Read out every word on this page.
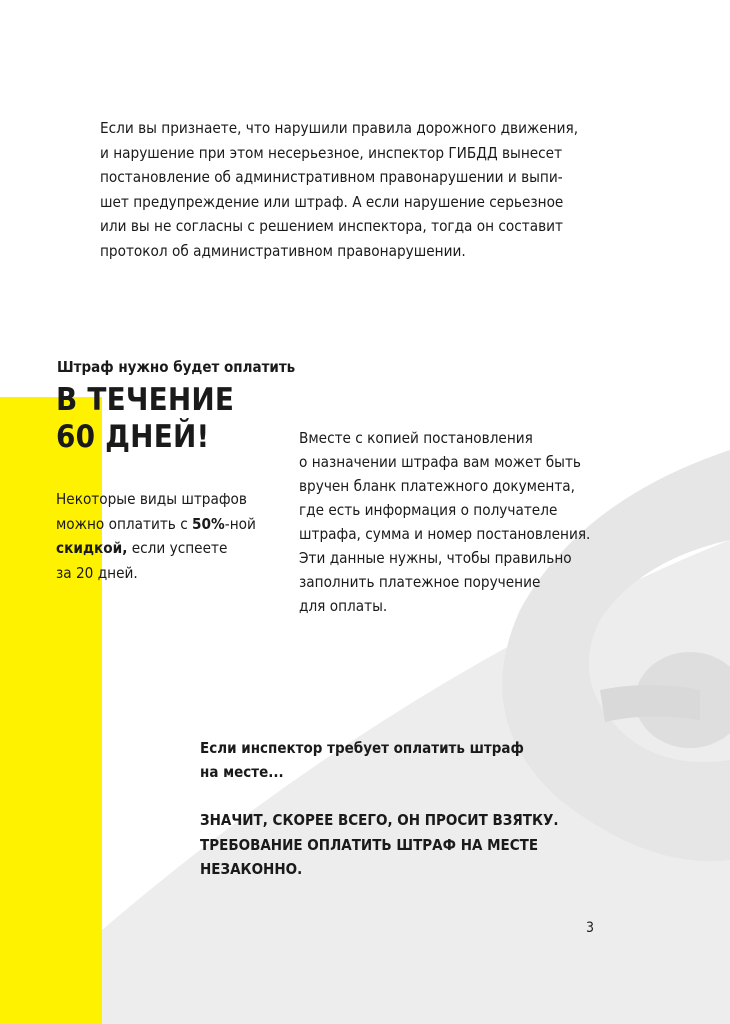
Если вы признаете, что нарушили правила дорожного движения,
и нарушение при этом несерьезное, инспектор ГИБДД вынесет
постановление об административном правонарушении и выпи-
шет предупреждение или штраф. А если нарушение серьезное
или вы не согласны с решением инспектора, тогда он составит
протокол об административном правонарушении.
Штраф нужно будет оплатить
В ТЕЧЕНИЕ
60 ДНЕЙ!
Некоторые виды штрафов
можно оплатить с 50%-ной
скидкой, если успеете
за 20 дней.
Вместе с копией постановления
о назначении штрафа вам может быть
вручен бланк платежного документа,
где есть информация о получателе
штрафа, сумма и номер постановления.
Эти данные нужны, чтобы правильно
заполнить платежное поручение
для оплаты.
Если инспектор требует оплатить штраф
на месте...
ЗНАЧИТ, СКОРЕЕ ВСЕГО, ОН ПРОСИТ ВЗЯТКУ.
ТРЕБОВАНИЕ ОПЛАТИТЬ ШТРАФ НА МЕСТЕ
НЕЗАКОННО.
3
